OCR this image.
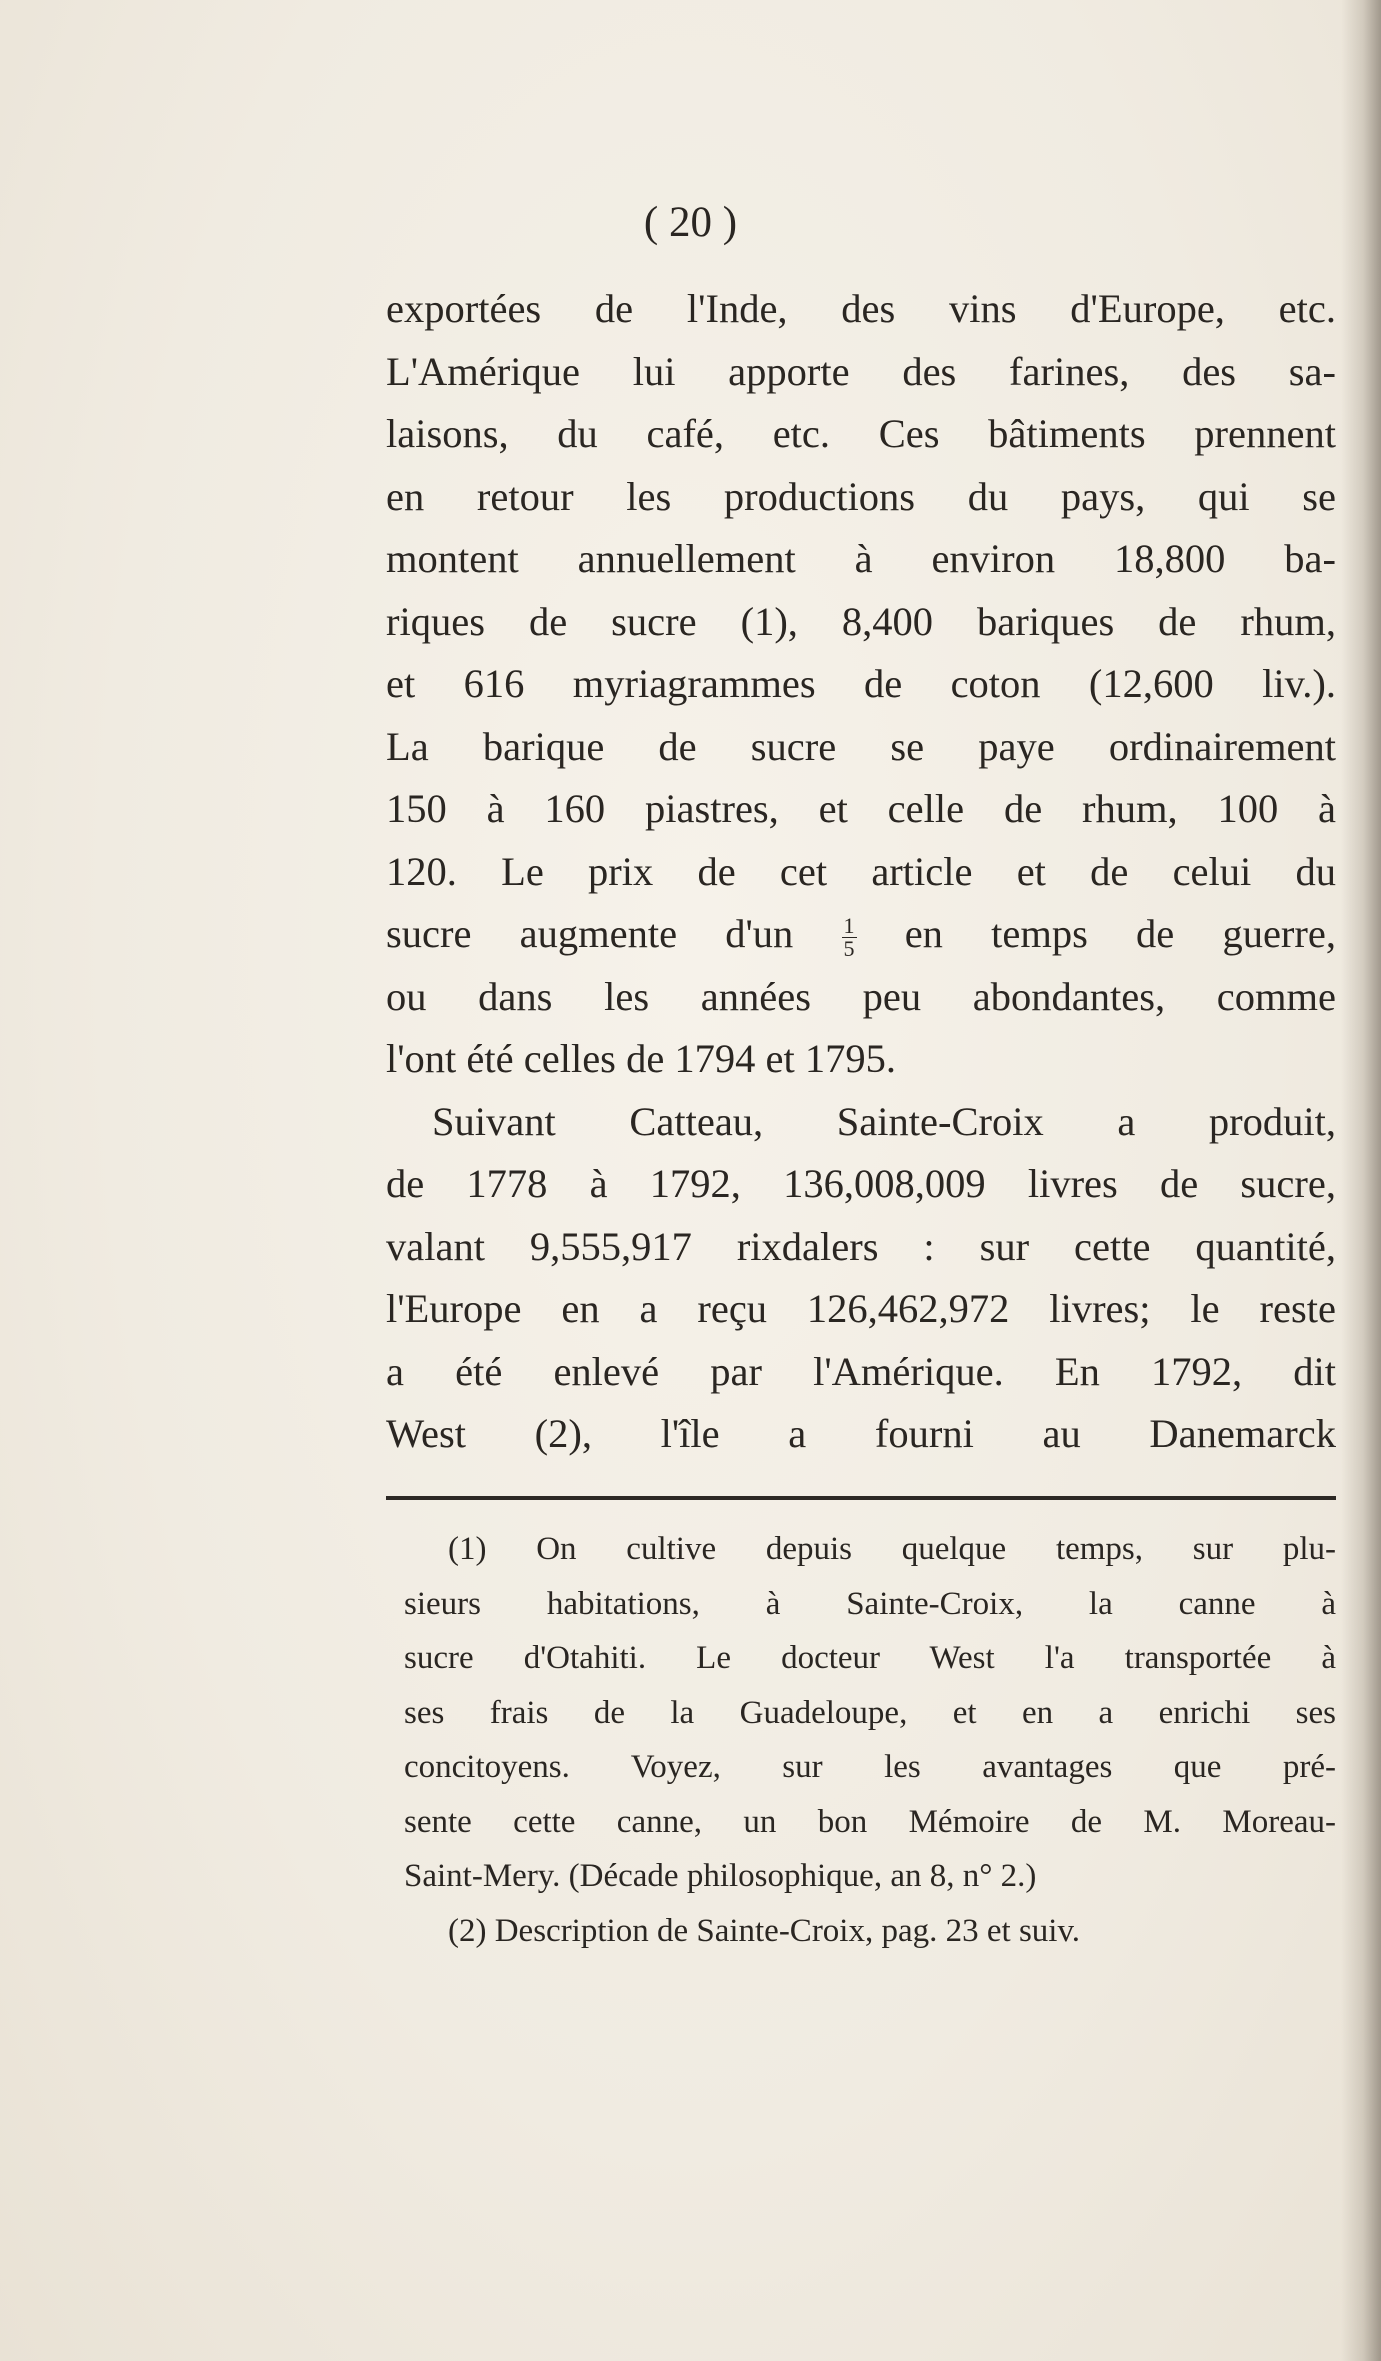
( 20 )
exportées de l'Inde, des vins d'Europe, etc.
L'Amérique lui apporte des farines, des sa-
laisons, du café, etc. Ces bâtiments prennent
en retour les productions du pays, qui se
montent annuellement à environ 18,800 ba-
riques de sucre (1), 8,400 bariques de rhum,
et 616 myriagrammes de coton (12,600 liv.).
La barique de sucre se paye ordinairement
150 à 160 piastres, et celle de rhum, 100 à
120. Le prix de cet article et de celui du
sucre augmente $d'un \frac{1}{5}$ en temps de guerre,
ou dans les années peu abondantes, comme
l'ont été celles de 1794 et 1795.
Suivant Catteau, Sainte-Croix a produit,
de 1778 à 1792, 136,008,009 livres de sucre,
valant 9,555,917 rixdalers : sur cette quantité,
l'Europe en a reçu 126,462,972 livres; le reste
a été enlevé par l'Amérique. En 1792, dit
West (2), l'île a fourni au Danemarck
(1) On cultive depuis quelque temps, sur plu-
sieurs habitations, à Sainte-Croix, la canne à
sucre d'Otahiti. Le docteur West l'a transportée à
ses frais de la Guadeloupe, et en a enrichi ses
concitoyens. Voyez, sur les avantages que pré-
sente cette canne, un bon Mémoire de M. Moreau-
Saint-Mery. (Décade philosophique, an 8, n° 2.)
(2) Description de Sainte-Croix, pag. 23 et suiv.
